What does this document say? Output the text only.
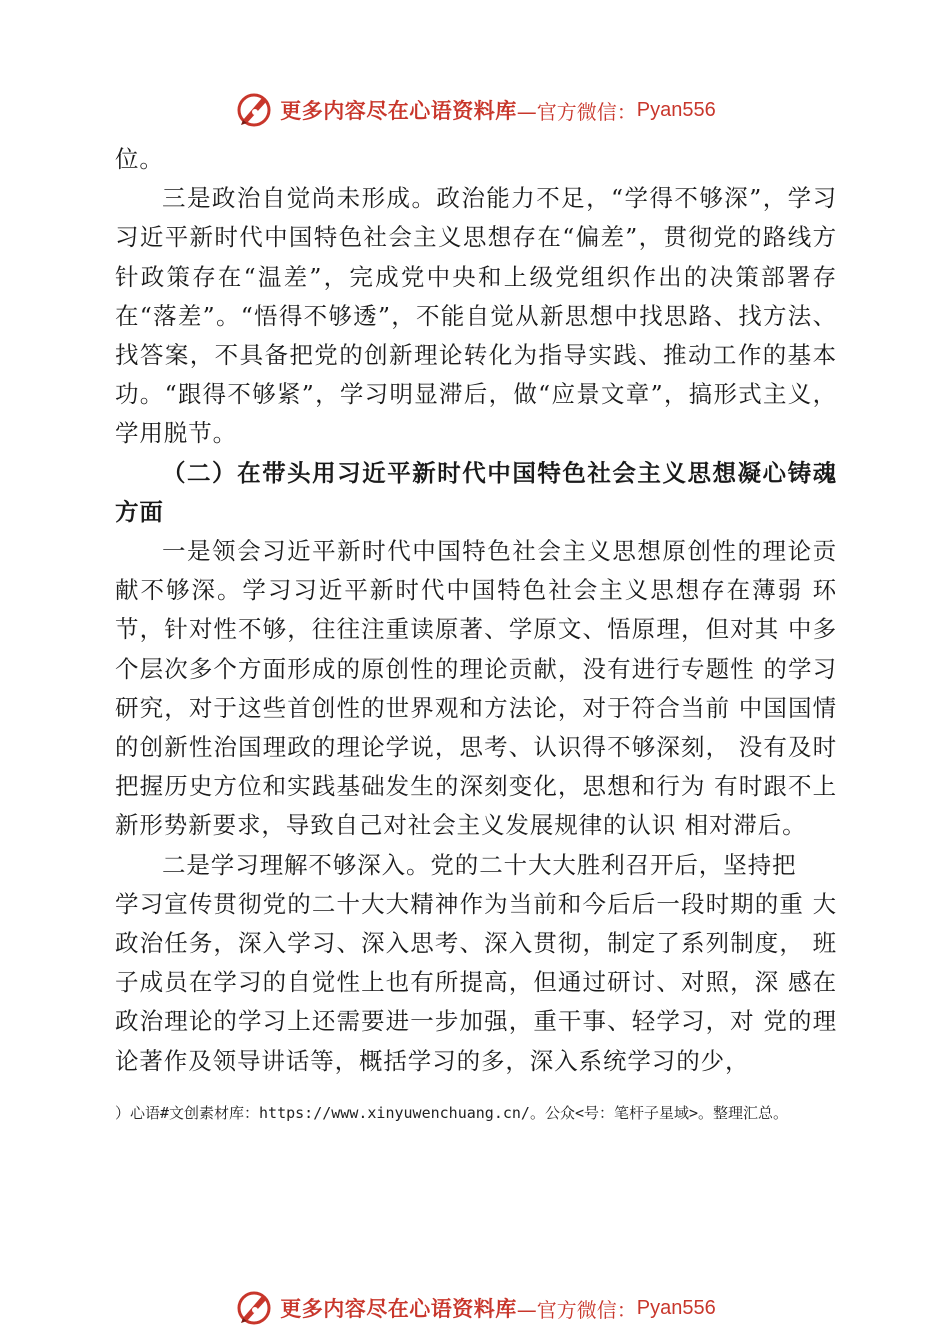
更多内容尽在心语资料库 —官方微信： Pyan556

位。

三是政治自觉尚未形成。政治能力不足，“学得不够深”，学习习近平新时代中国特色社会主义思想存在“偏差”，贯彻党的路线方针政策存在“温差”，完成党中央和上级党组织作出的决策部署存在“落差”。“悟得不够透”，不能自觉从新思想中找思路、找方法、找答案，不具备把党的创新理论转化为指导实践、推动工作的基本功。“跟得不够紧”，学习明显滞后，做“应景文章”，搞形式主义，学用脱节。

（二）在带头用习近平新时代中国特色社会主义思想凝心铸魂方面

一是领会习近平新时代中国特色社会主义思想原创性的理论贡献不够深。学习习近平新时代中国特色社会主义思想存在薄弱 环节，针对性不够，往往注重读原著、学原文、悟原理，但对其 中多个层次多个方面形成的原创性的理论贡献，没有进行专题性 的学习研究，对于这些首创性的世界观和方法论，对于符合当前 中国国情的创新性治国理政的理论学说，思考、认识得不够深刻， 没有及时把握历史方位和实践基础发生的深刻变化，思想和行为 有时跟不上新形势新要求，导致自己对社会主义发展规律的认识 相对滞后。

二是学习理解不够深入。党的二十大大胜利召开后，坚持把

学习宣传贯彻党的二十大大精神作为当前和今后后一段时期的重 大政治任务，深入学习、深入思考、深入贯彻，制定了系列制度， 班子成员在学习的自觉性上也有所提高，但通过研讨、对照，深 感在政治理论的学习上还需要进一步加强，重干事、轻学习，对 党的理论著作及领导讲话等，概括学习的多，深入系统学习的少，

）心语#文创素材库：https://www.xinyuwenchuang.cn/。公众<号：笔杆子星域>。整理汇总。
更多内容尽在心语资料库 —官方微信： Pyan556
